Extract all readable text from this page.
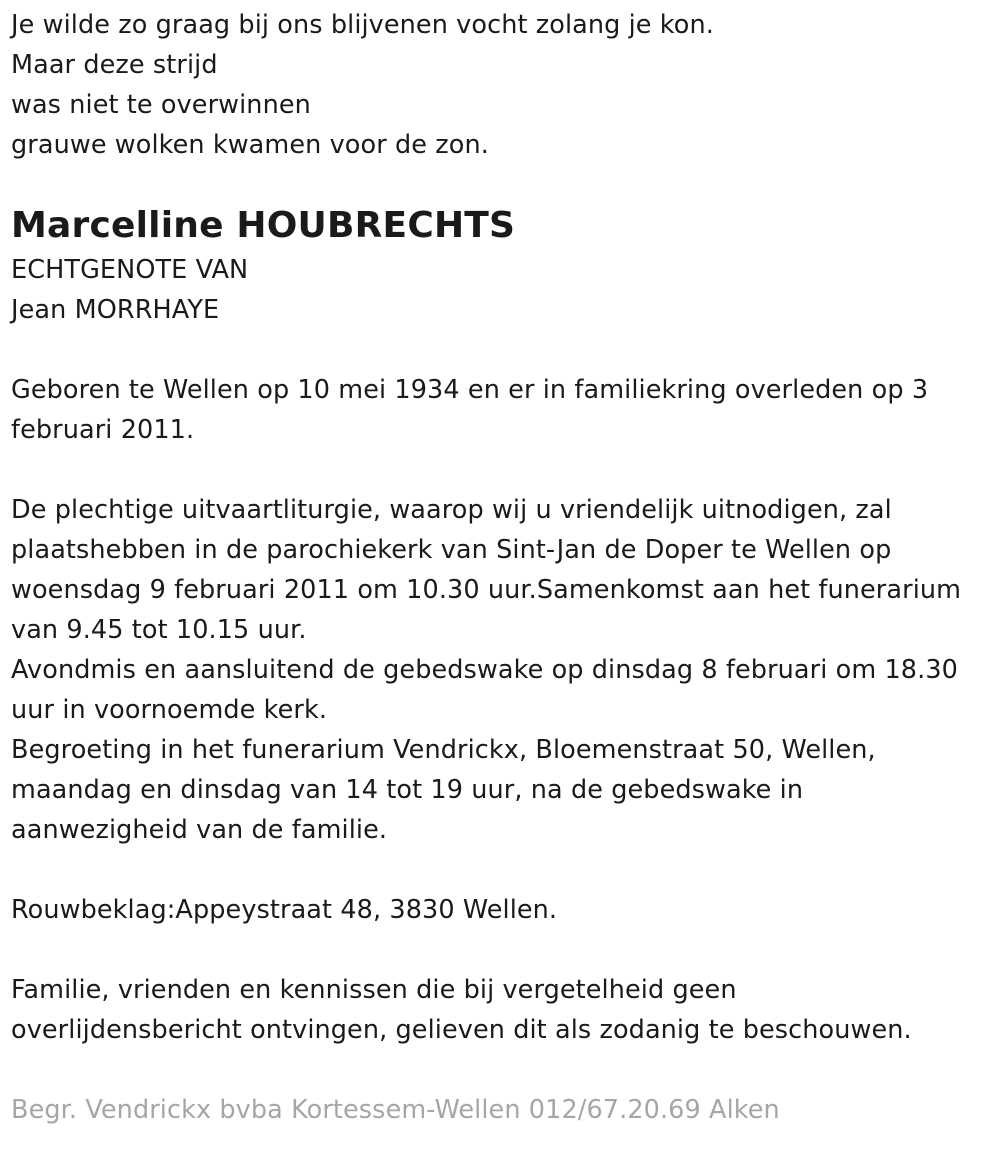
Je wilde zo graag bij ons blijvenen vocht zolang je kon.
Maar deze strijd
was niet te overwinnen
grauwe wolken kwamen voor de zon.
Marcelline HOUBRECHTS
ECHTGENOTE VAN
Jean MORRHAYE
Geboren te Wellen op 10 mei 1934 en er in familiekring overleden op 3
februari 2011.
De plechtige uitvaartliturgie, waarop wij u vriendelijk uitnodigen, zal
plaatshebben in de parochiekerk van Sint-Jan de Doper te Wellen op
woensdag 9 februari 2011 om 10.30 uur.Samenkomst aan het funerarium
van 9.45 tot 10.15 uur.
Avondmis en aansluitend de gebedswake op dinsdag 8 februari om 18.30
uur in voornoemde kerk.
Begroeting in het funerarium Vendrickx, Bloemenstraat 50, Wellen,
maandag en dinsdag van 14 tot 19 uur, na de gebedswake in
aanwezigheid van de familie.
Rouwbeklag:Appeystraat 48, 3830 Wellen.
Familie, vrienden en kennissen die bij vergetelheid geen
overlijdensbericht ontvingen, gelieven dit als zodanig te beschouwen.
Begr. Vendrickx bvba Kortessem-Wellen 012/67.20.69 Alken
